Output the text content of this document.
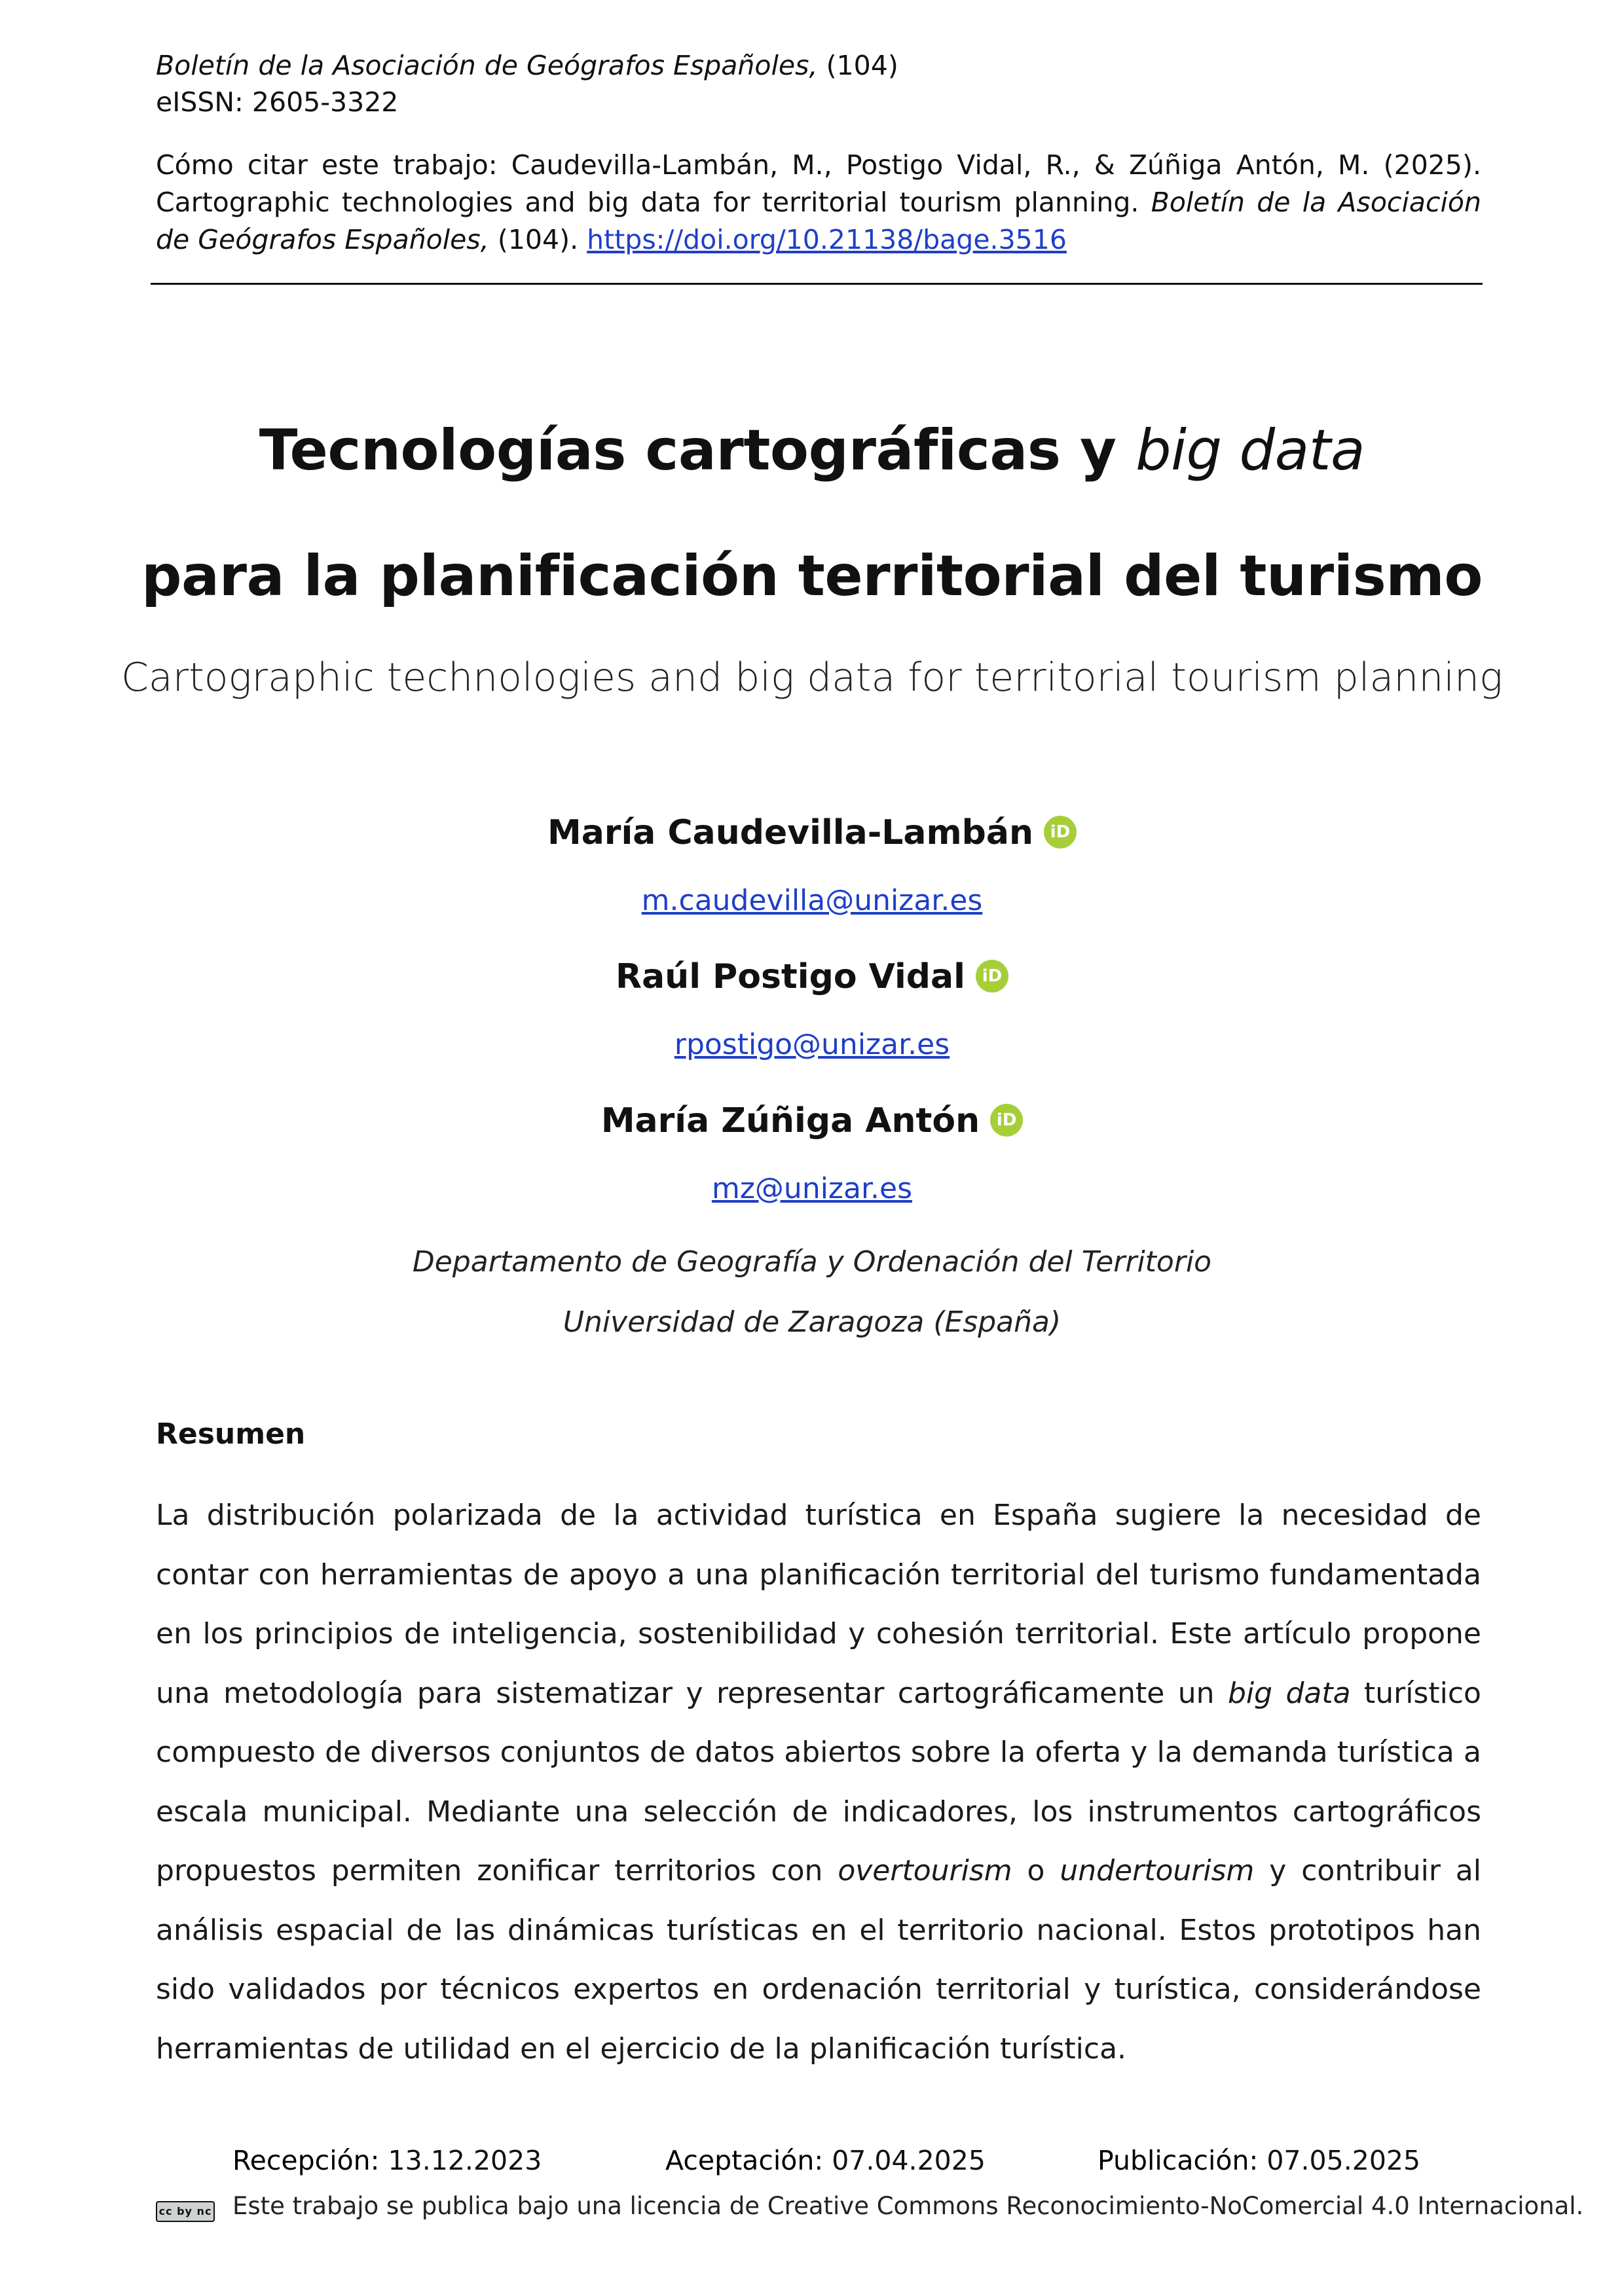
Boletín de la Asociación de Geógrafos Españoles, (104)
eISSN: 2605-3322
Cómo citar este trabajo: Caudevilla-Lambán, M., Postigo Vidal, R., & Zúñiga Antón, M. (2025). Cartographic technologies and big data for territorial tourism planning. Boletín de la Asociación de Geógrafos Españoles, (104). https://doi.org/10.21138/bage.3516
Tecnologías cartográficas y big data
para la planificación territorial del turismo
Cartographic technologies and big data for territorial tourism planning
María Caudevilla-Lambán iD
m.caudevilla@unizar.es
Raúl Postigo Vidal iD
rpostigo@unizar.es
María Zúñiga Antón iD
mz@unizar.es
Departamento de Geografía y Ordenación del Territorio
Universidad de Zaragoza (España)
Resumen
La distribución polarizada de la actividad turística en España sugiere la necesidad de contar con herramientas de apoyo a una planificación territorial del turismo fundamentada en los principios de inteligencia, sostenibilidad y cohesión territorial. Este artículo propone una metodología para sistematizar y representar cartográficamente un big data turístico compuesto de diversos conjuntos de datos abiertos sobre la oferta y la demanda turística a escala municipal. Mediante una selección de indicadores, los instrumentos cartográficos propuestos permiten zonificar territorios con overtourism o undertourism y contribuir al análisis espacial de las dinámicas turísticas en el territorio nacional. Estos prototipos han sido validados por técnicos expertos en ordenación territorial y turística, considerándose herramientas de utilidad en el ejercicio de la planificación turística.
Recepción: 13.12.2023	Aceptación: 07.04.2025	Publicación: 07.05.2025
cc by nc Este trabajo se publica bajo una licencia de Creative Commons Reconocimiento-NoComercial 4.0 Internacional.
